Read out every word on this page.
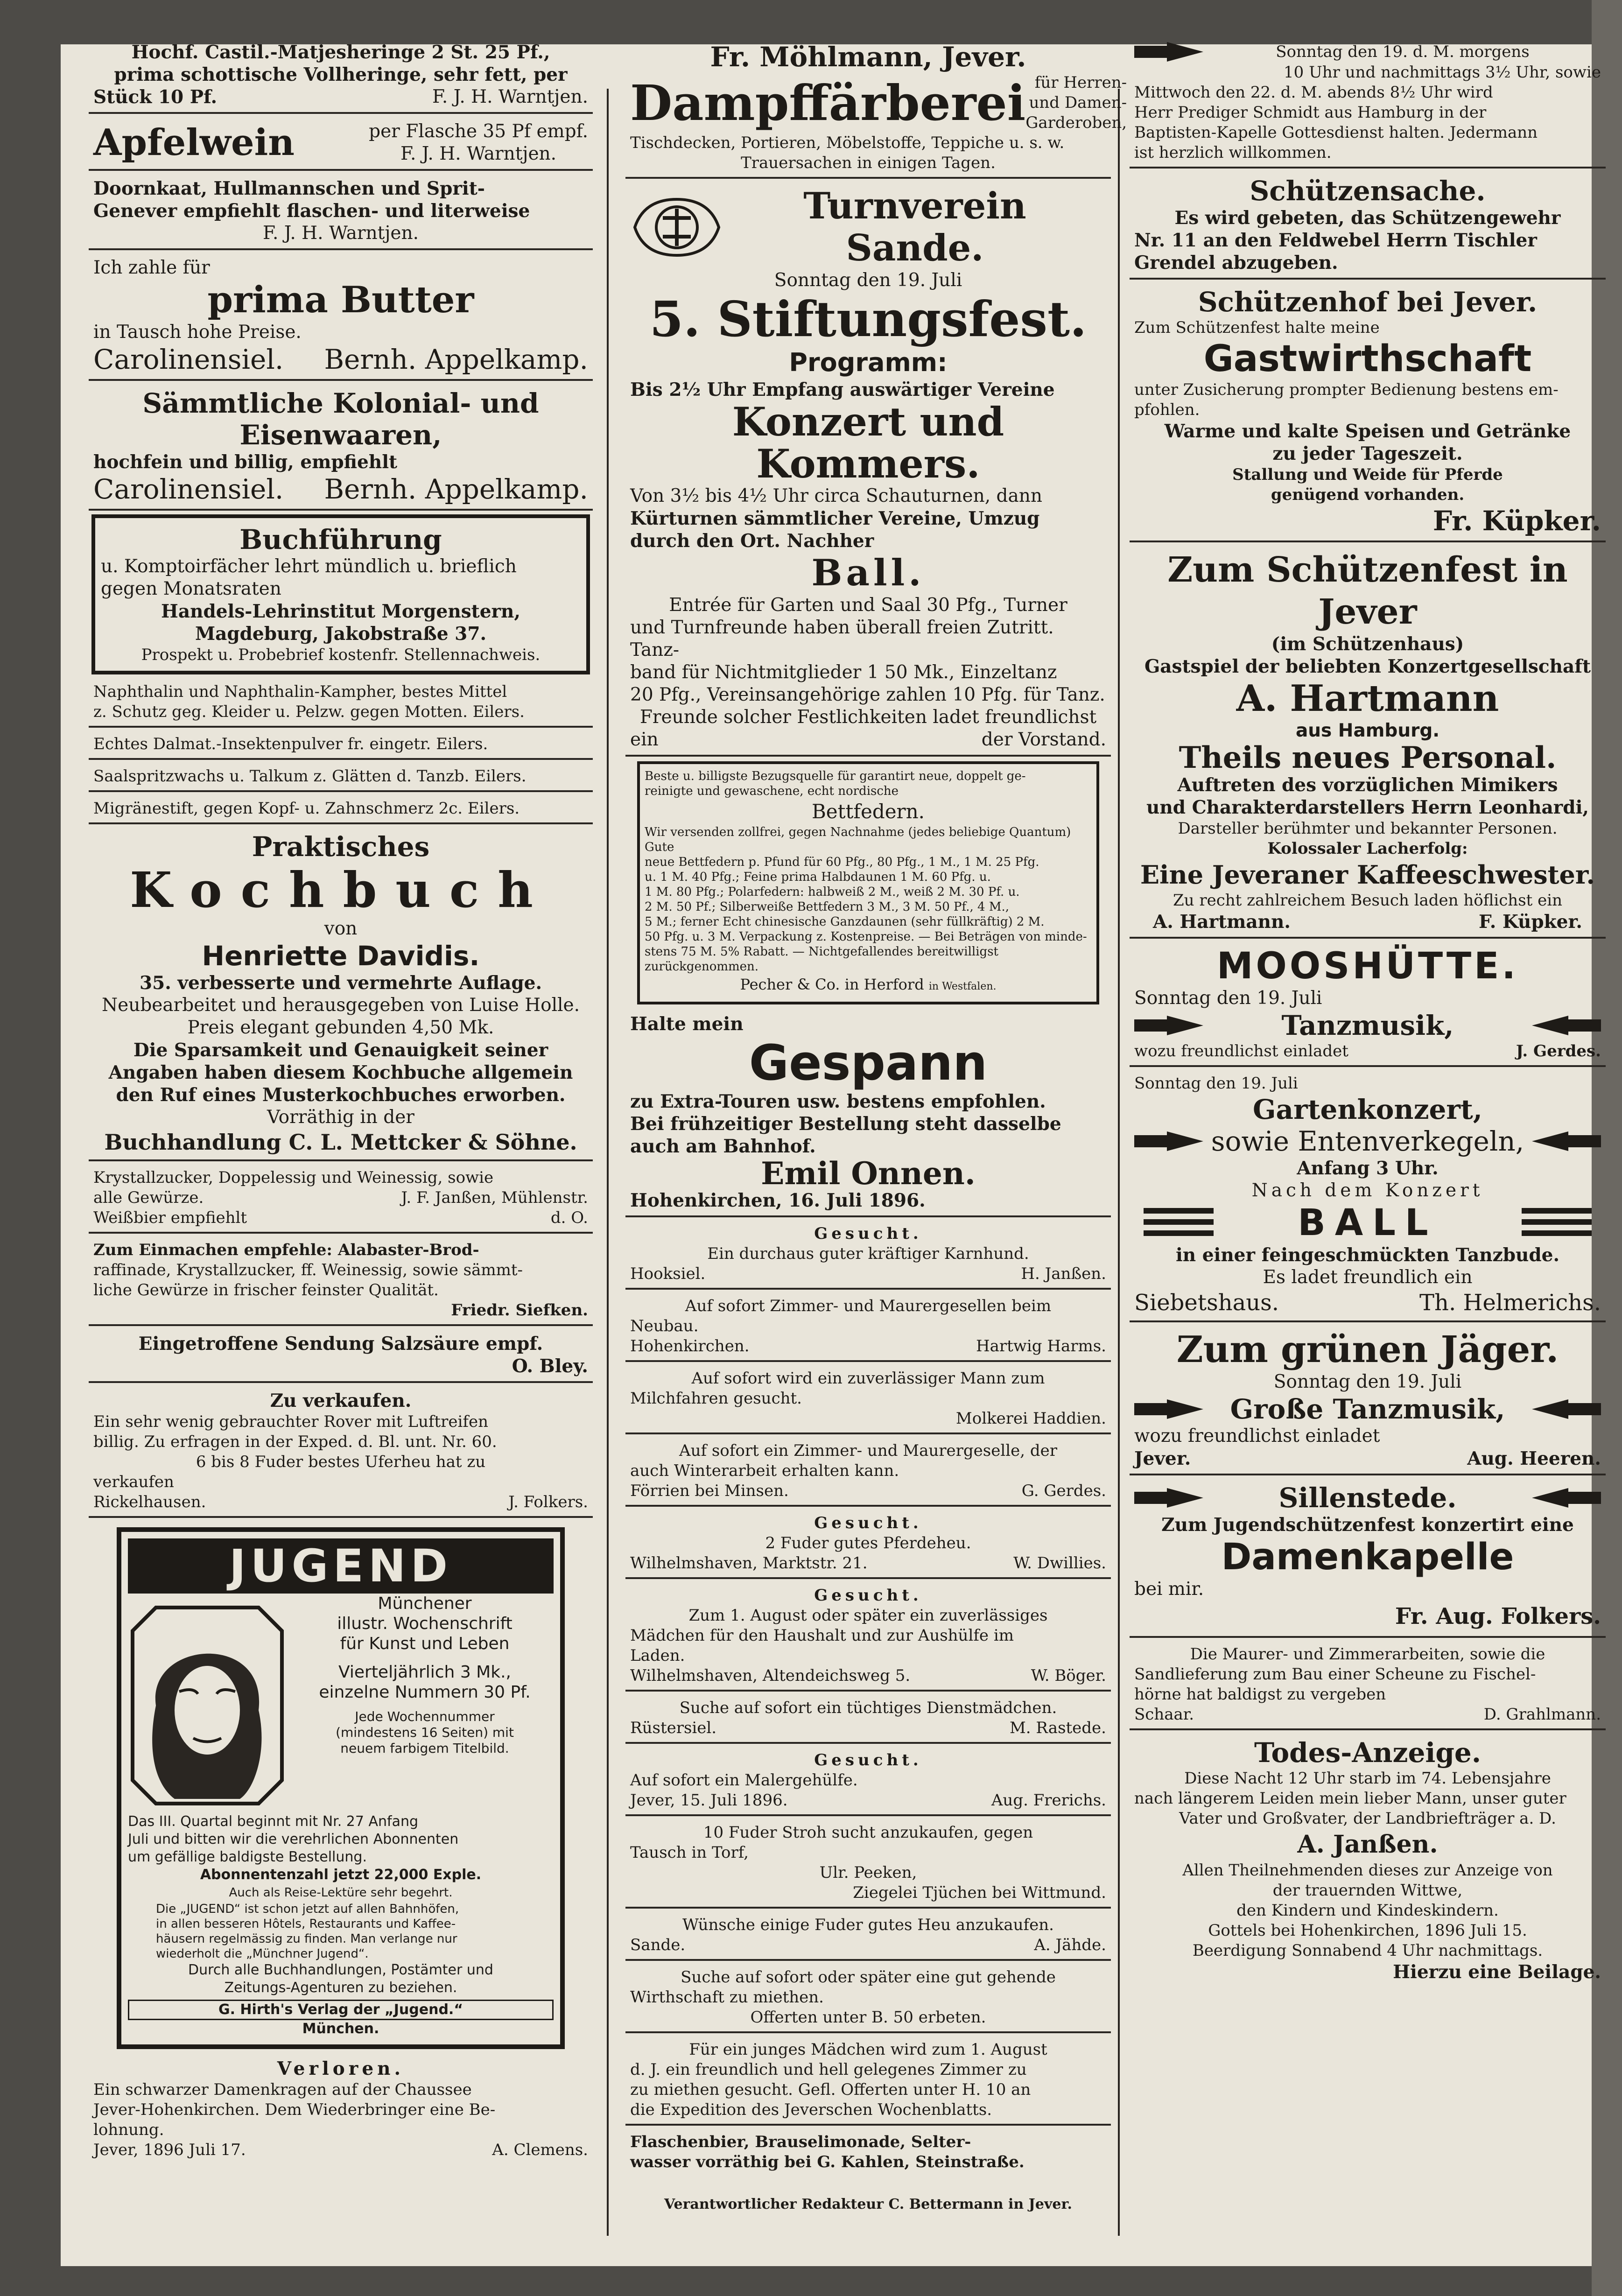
Hochf. Castil.-Matjesheringe 2 St. 25 Pf.,
prima schottische Vollheringe, sehr fett, per
Stück 10 Pf.	F. J. H. Warntjen.
Apfelwein	per Flasche 35 Pf empf.
F. J. H. Warntjen.
Doornkaat, Hullmannschen und Sprit-
Genever empfiehlt flaschen- und literweise
F. J. H. Warntjen.
Ich zahle für
prima Butter
in Tausch hohe Preise.
Carolinensiel. Bernh. Appelkamp.
Sämmtliche Kolonial- und
Eisenwaaren,
hochfein und billig, empfiehlt
Carolinensiel. Bernh. Appelkamp.
Buchführung
u. Komptoirfächer lehrt mündlich u. brieflich
gegen Monatsraten
Handels-Lehrinstitut Morgenstern,
Magdeburg, Jakobstraße 37.
Prospekt u. Probebrief kostenfr. Stellennachweis.
Naphthalin und Naphthalin-Kampher, bestes Mittel
z. Schutz geg. Kleider u. Pelzw. gegen Motten. Eilers.
Echtes Dalmat.-Insektenpulver fr. eingetr. Eilers.
Saalspritzwachs u. Talkum z. Glätten d. Tanzb. Eilers.
Migränestift, gegen Kopf- u. Zahnschmerz 2c. Eilers.
Praktisches
Kochbuch
von
Henriette Davidis.
35. verbesserte und vermehrte Auflage.
Neubearbeitet und herausgegeben von Luise Holle.
Preis elegant gebunden 4,50 Mk.
Die Sparsamkeit und Genauigkeit seiner
Angaben haben diesem Kochbuche allgemein
den Ruf eines Musterkochbuches erworben.
Vorräthig in der
Buchhandlung C. L. Mettcker & Söhne.
Krystallzucker, Doppelessig und Weinessig, sowie
alle Gewürze.	J. F. Janßen, Mühlenstr.
Weißbier empfiehlt	d. O.
Zum Einmachen empfehle: Alabaster-Brod-
raffinade, Krystallzucker, ff. Weinessig, sowie sämmt-
liche Gewürze in frischer feinster Qualität.
Friedr. Siefken.
Eingetroffene Sendung Salzsäure empf.
O. Bley.
Zu verkaufen.
Ein sehr wenig gebrauchter Rover mit Luftreifen
billig. Zu erfragen in der Exped. d. Bl. unt. Nr. 60.
6 bis 8 Fuder bestes Uferheu hat zu
verkaufen
Rickelhausen.	J. Folkers.
JUGEND
Münchener
illustr. Wochenschrift
für Kunst und Leben
Vierteljährlich 3 Mk.,
einzelne Nummern 30 Pf.
Jede Wochennummer
(mindestens 16 Seiten) mit
neuem farbigem Titelbild.
Das III. Quartal beginnt mit Nr. 27 Anfang
Juli und bitten wir die verehrlichen Abonnenten
um gefällige baldigste Bestellung.
Abonnentenzahl jetzt 22,000 Exple.
Auch als Reise-Lektüre sehr begehrt.
Die „JUGEND“ ist schon jetzt auf allen Bahnhöfen,
in allen besseren Hôtels, Restaurants und Kaffee-
häusern regelmässig zu finden. Man verlange nur
wiederholt die „Münchner Jugend“.
Durch alle Buchhandlungen, Postämter und
Zeitungs-Agenturen zu beziehen.
G. Hirth's Verlag der „Jugend.“
München.
Verloren.
Ein schwarzer Damenkragen auf der Chaussee
Jever-Hohenkirchen. Dem Wiederbringer eine Be-
lohnung.
Jever, 1896 Juli 17.	A. Clemens.
Fr. Möhlmann, Jever.
Dampffärberei für Herren-
und Damen-
Garderoben,
Tischdecken, Portieren, Möbelstoffe, Teppiche u. s. w.
Trauersachen in einigen Tagen.
Turnverein
Sande.
Sonntag den 19. Juli
5. Stiftungsfest.
Programm:
Bis 2½ Uhr Empfang auswärtiger Vereine
Konzert und Kommers.
Von 3½ bis 4½ Uhr circa Schauturnen, dann
Kürturnen sämmtlicher Vereine, Umzug
durch den Ort. Nachher
Ball.
Entrée für Garten und Saal 30 Pfg., Turner
und Turnfreunde haben überall freien Zutritt. Tanz-
band für Nichtmitglieder 1 50 Mk., Einzeltanz
20 Pfg., Vereinsangehörige zahlen 10 Pfg. für Tanz.
Freunde solcher Festlichkeiten ladet freundlichst
ein	der Vorstand.
Beste u. billigste Bezugsquelle für garantirt neue, doppelt ge-
reinigte und gewaschene, echt nordische
Bettfedern.
Wir versenden zollfrei, gegen Nachnahme (jedes beliebige Quantum) Gute
neue Bettfedern p. Pfund für 60 Pfg., 80 Pfg., 1 M., 1 M. 25 Pfg.
u. 1 M. 40 Pfg.; Feine prima Halbdaunen 1 M. 60 Pfg. u.
1 M. 80 Pfg.; Polarfedern: halbweiß 2 M., weiß 2 M. 30 Pf. u.
2 M. 50 Pf.; Silberweiße Bettfedern 3 M., 3 M. 50 Pf., 4 M.,
5 M.; ferner Echt chinesische Ganzdaunen (sehr füllkräftig) 2 M.
50 Pfg. u. 3 M. Verpackung z. Kostenpreise. — Bei Beträgen von minde-
stens 75 M. 5% Rabatt. — Nichtgefallendes bereitwilligst zurückgenommen.
Pecher & Co. in Herford in Westfalen.
Halte mein
Gespann
zu Extra-Touren usw. bestens empfohlen.
Bei frühzeitiger Bestellung steht dasselbe
auch am Bahnhof.
Emil Onnen.
Hohenkirchen, 16. Juli 1896.
Gesucht.
Ein durchaus guter kräftiger Karnhund.
Hooksiel.	H. Janßen.
Auf sofort Zimmer- und Maurergesellen beim
Neubau.
Hohenkirchen.	Hartwig Harms.
Auf sofort wird ein zuverlässiger Mann zum
Milchfahren gesucht.
Molkerei Haddien.
Auf sofort ein Zimmer- und Maurergeselle, der
auch Winterarbeit erhalten kann.
Förrien bei Minsen.	G. Gerdes.
Gesucht.
2 Fuder gutes Pferdeheu.
Wilhelmshaven, Marktstr. 21.	W. Dwillies.
Gesucht.
Zum 1. August oder später ein zuverlässiges
Mädchen für den Haushalt und zur Aushülfe im
Laden.
Wilhelmshaven, Altendeichsweg 5.	W. Böger.
Suche auf sofort ein tüchtiges Dienstmädchen.
Rüstersiel.	M. Rastede.
Gesucht.
Auf sofort ein Malergehülfe.
Jever, 15. Juli 1896.	Aug. Frerichs.
10 Fuder Stroh sucht anzukaufen, gegen
Tausch in Torf,
Ulr. Peeken,
Ziegelei Tjüchen bei Wittmund.
Wünsche einige Fuder gutes Heu anzukaufen.
Sande.	A. Jähde.
Suche auf sofort oder später eine gut gehende
Wirthschaft zu miethen.
Offerten unter B. 50 erbeten.
Für ein junges Mädchen wird zum 1. August
d. J. ein freundlich und hell gelegenes Zimmer zu
zu miethen gesucht. Gefl. Offerten unter H. 10 an
die Expedition des Jeverschen Wochenblatts.
Flaschenbier, Brauselimonade, Selter-
wasser vorräthig bei G. Kahlen, Steinstraße.
Sonntag den 19. d. M. morgens
10 Uhr und nachmittags 3½ Uhr, sowie
Mittwoch den 22. d. M. abends 8½ Uhr wird
Herr Prediger Schmidt aus Hamburg in der
Baptisten-Kapelle Gottesdienst halten. Jedermann
ist herzlich willkommen.
Schützensache.
Es wird gebeten, das Schützengewehr
Nr. 11 an den Feldwebel Herrn Tischler
Grendel abzugeben.
Schützenhof bei Jever.
Zum Schützenfest halte meine
Gastwirthschaft
unter Zusicherung prompter Bedienung bestens em-
pfohlen.
Warme und kalte Speisen und Getränke
zu jeder Tageszeit.
Stallung und Weide für Pferde
genügend vorhanden.
Fr. Küpker.
Zum Schützenfest in Jever
(im Schützenhaus)
Gastspiel der beliebten Konzertgesellschaft
A. Hartmann
aus Hamburg.
Theils neues Personal.
Auftreten des vorzüglichen Mimikers
und Charakterdarstellers Herrn Leonhardi,
Darsteller berühmter und bekannter Personen.
Kolossaler Lacherfolg:
Eine Jeveraner Kaffeeschwester.
Zu recht zahlreichem Besuch laden höflichst ein
A. Hartmann.	F. Küpker.
MOOSHÜTTE.
Sonntag den 19. Juli
Tanzmusik,
wozu freundlichst einladet	J. Gerdes.
Sonntag den 19. Juli
Gartenkonzert,
sowie Entenverkegeln,
Anfang 3 Uhr.
Nach dem Konzert
BALL
in einer feingeschmückten Tanzbude.
Es ladet freundlich ein
Siebetshaus.	Th. Helmerichs.
Zum grünen Jäger.
Sonntag den 19. Juli
Große Tanzmusik,
wozu freundlichst einladet
Jever.	Aug. Heeren.
Sillenstede.
Zum Jugendschützenfest konzertirt eine
Damenkapelle
bei mir.
Fr. Aug. Folkers.
Die Maurer- und Zimmerarbeiten, sowie die
Sandlieferung zum Bau einer Scheune zu Fischel-
hörne hat baldigst zu vergeben
Schaar.	D. Grahlmann.
Todes-Anzeige.
Diese Nacht 12 Uhr starb im 74. Lebensjahre
nach längerem Leiden mein lieber Mann, unser guter
Vater und Großvater, der Landbriefträger a. D.
A. Janßen.
Allen Theilnehmenden dieses zur Anzeige von
der trauernden Wittwe,
den Kindern und Kindeskindern.
Gottels bei Hohenkirchen, 1896 Juli 15.
Beerdigung Sonnabend 4 Uhr nachmittags.
Hierzu eine Beilage.
Verantwortlicher Redakteur C. Bettermann in Jever.
